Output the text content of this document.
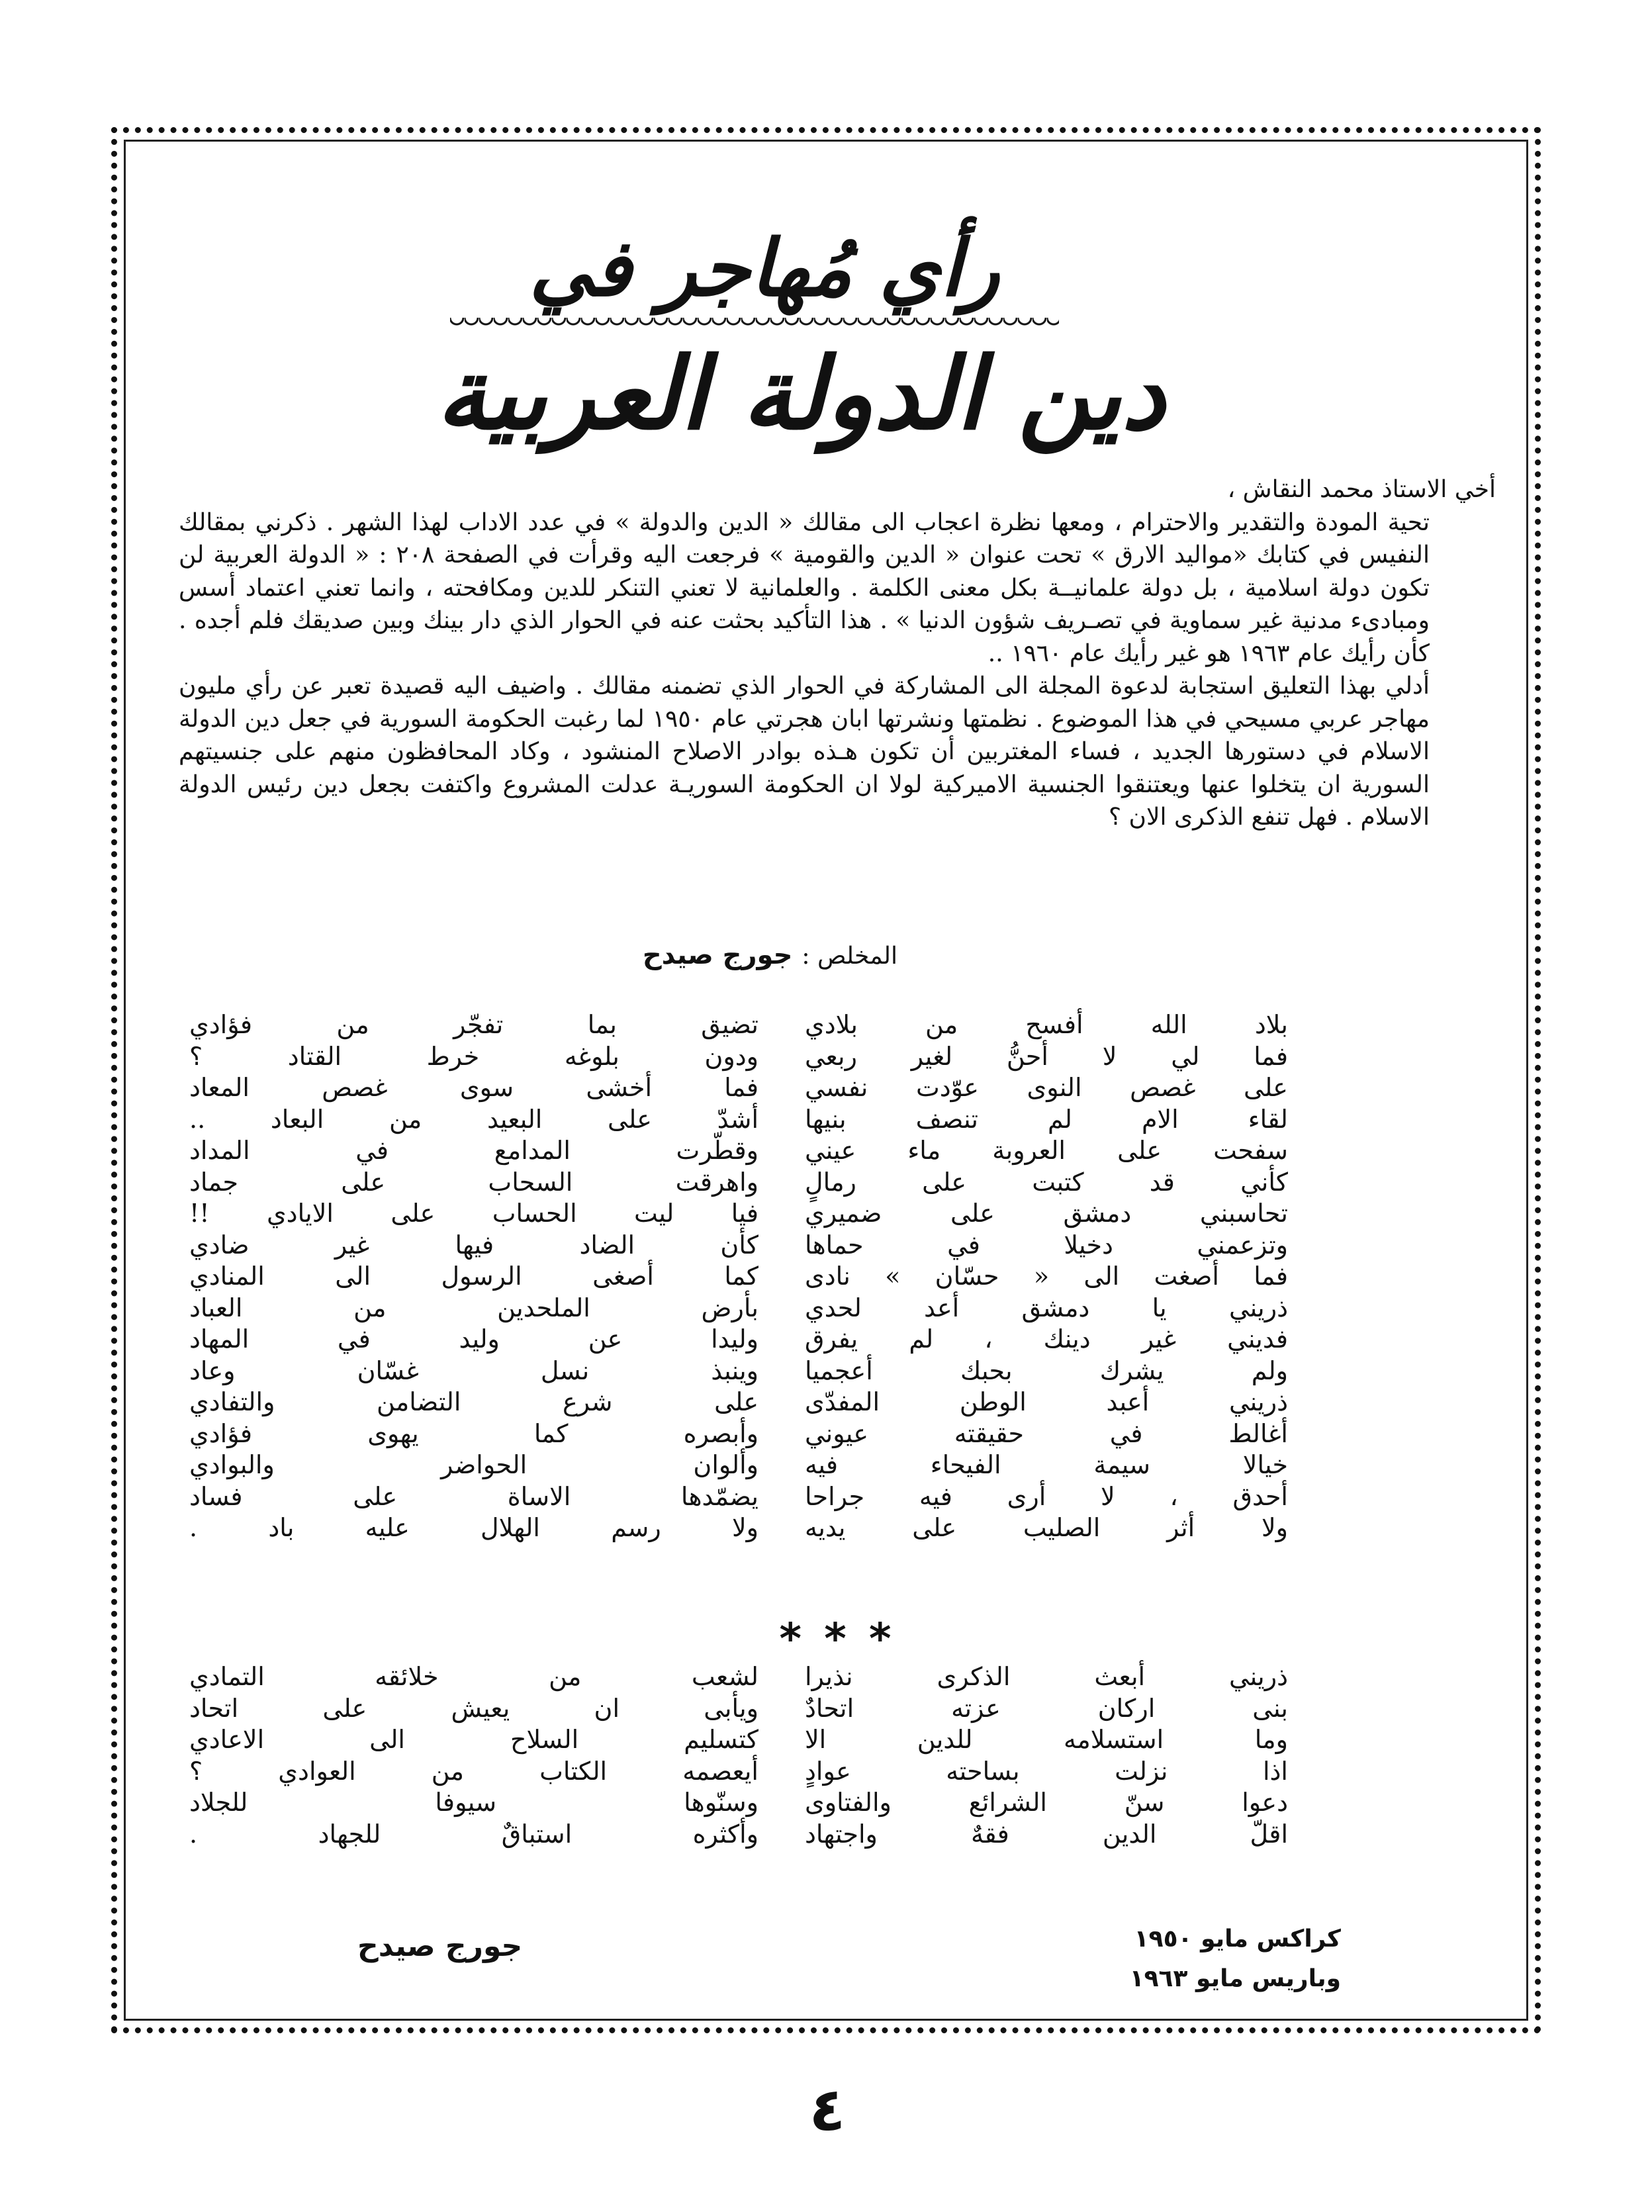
رأي مُهاجر في
دين الدولة العربية

أخي الاستاذ محمد النقاش ،

تحية المودة والتقدير والاحترام ، ومعها نظرة اعجاب الى مقالك « الدين والدولة » في عدد الاداب لهذا الشهر . ذكرني بمقالك النفيس في كتابك «مواليد الارق » تحت عنوان « الدين والقومية » فرجعت اليه وقرأت في الصفحة ٢٠٨ : « الدولة العربية لن تكون دولة اسلامية ، بل دولة علمانيــة بكل معنى الكلمة . والعلمانية لا تعني التنكر للدين ومكافحته ، وانما تعني اعتماد أسس ومبادىء مدنية غير سماوية في تصـريف شؤون الدنيا » . هذا التأكيد بحثت عنه في الحوار الذي دار بينك وبين صديقك فلم أجده . كأن رأيك عام ١٩٦٣ هو غير رأيك عام ١٩٦٠ ..

أدلي بهذا التعليق استجابة لدعوة المجلة الى المشاركة في الحوار الذي تضمنه مقالك . واضيف اليه قصيدة تعبر عن رأي مليون مهاجر عربي مسيحي في هذا الموضوع . نظمتها ونشرتها ابان هجرتي عام ١٩٥٠ لما رغبت الحكومة السورية في جعل دين الدولة الاسلام في دستورها الجديد ، فساء المغتربين أن تكون هـذه بوادر الاصلاح المنشود ، وكاد المحافظون منهم على جنسيتهم السورية ان يتخلوا عنها ويعتنقوا الجنسية الاميركية لولا ان الحكومة السوريـة عدلت المشروع واكتفت بجعل دين رئيس الدولة الاسلام . فهل تنفع الذكرى الان ؟

المخلص : جورج صيدح
بلاد الله أفسح من بلادي
فما لي لا أحنُّ لغير ربعي
على غصص النوى عوّدت نفسي
لقاء الام لم تنصف بنيها
سفحت على العروبة ماء عيني
كأني قد كتبت على رمالٍ
تحاسبني دمشق على ضميري
وتزعمني دخيلا في حماها
فما أصغت الى « حسّان » نادى
ذريني يا دمشق أعد لحدي
فديني غير دينك ، لم يفرق
ولم يشرك بحبك أعجميا
ذريني أعبد الوطن المفدّى
أغالط في حقيقته عيوني
خيالا سيمة الفيحاء فيه
أحدق ، لا أرى فيه جراحا
ولا أثر الصليب على يديه
تضيق بما تفجّر من فؤادي
ودون بلوغه خرط القتاد ؟
فما أخشى سوى غصص المعاد
أشدّ على البعيد من البعاد ..
وقطّرت المدامع في المداد
واهرقت السحاب على جماد
فيا ليت الحساب على الايادي !!
كأن الضاد فيها غير ضادي
كما أصغى الرسول الى المنادي
بأرض الملحدين من العباد
وليدا عن وليد في المهاد
وينبذ نسل غسّان وعاد
على شرع التضامن والتفادي
وأبصره كما يهوى فؤادي
وألوان الحواضر والبوادي
يضمّدها الاساة على فساد
ولا رسم الهلال عليه باد .
* * *
ذريني أبعث الذكرى نذيرا
بنى اركان عزته اتحادٌ
وما استسلامه للدين الا
اذا نزلت بساحته عوادٍ
دعوا سنّ الشرائع والفتاوى
اقلّ الدين فقهٌ واجتهاد
لشعب من خلائقه التمادي
ويأبى ان يعيش على اتحاد
كتسليم السلاح الى الاعادي
أيعصمه الكتاب من العوادي ؟
وسنّوها سيوفا للجلاد
وأكثره استباقٌ للجهاد .
كراكس مايو ١٩٥٠
وباريس مايو ١٩٦٣
جورج صيدح
٤
